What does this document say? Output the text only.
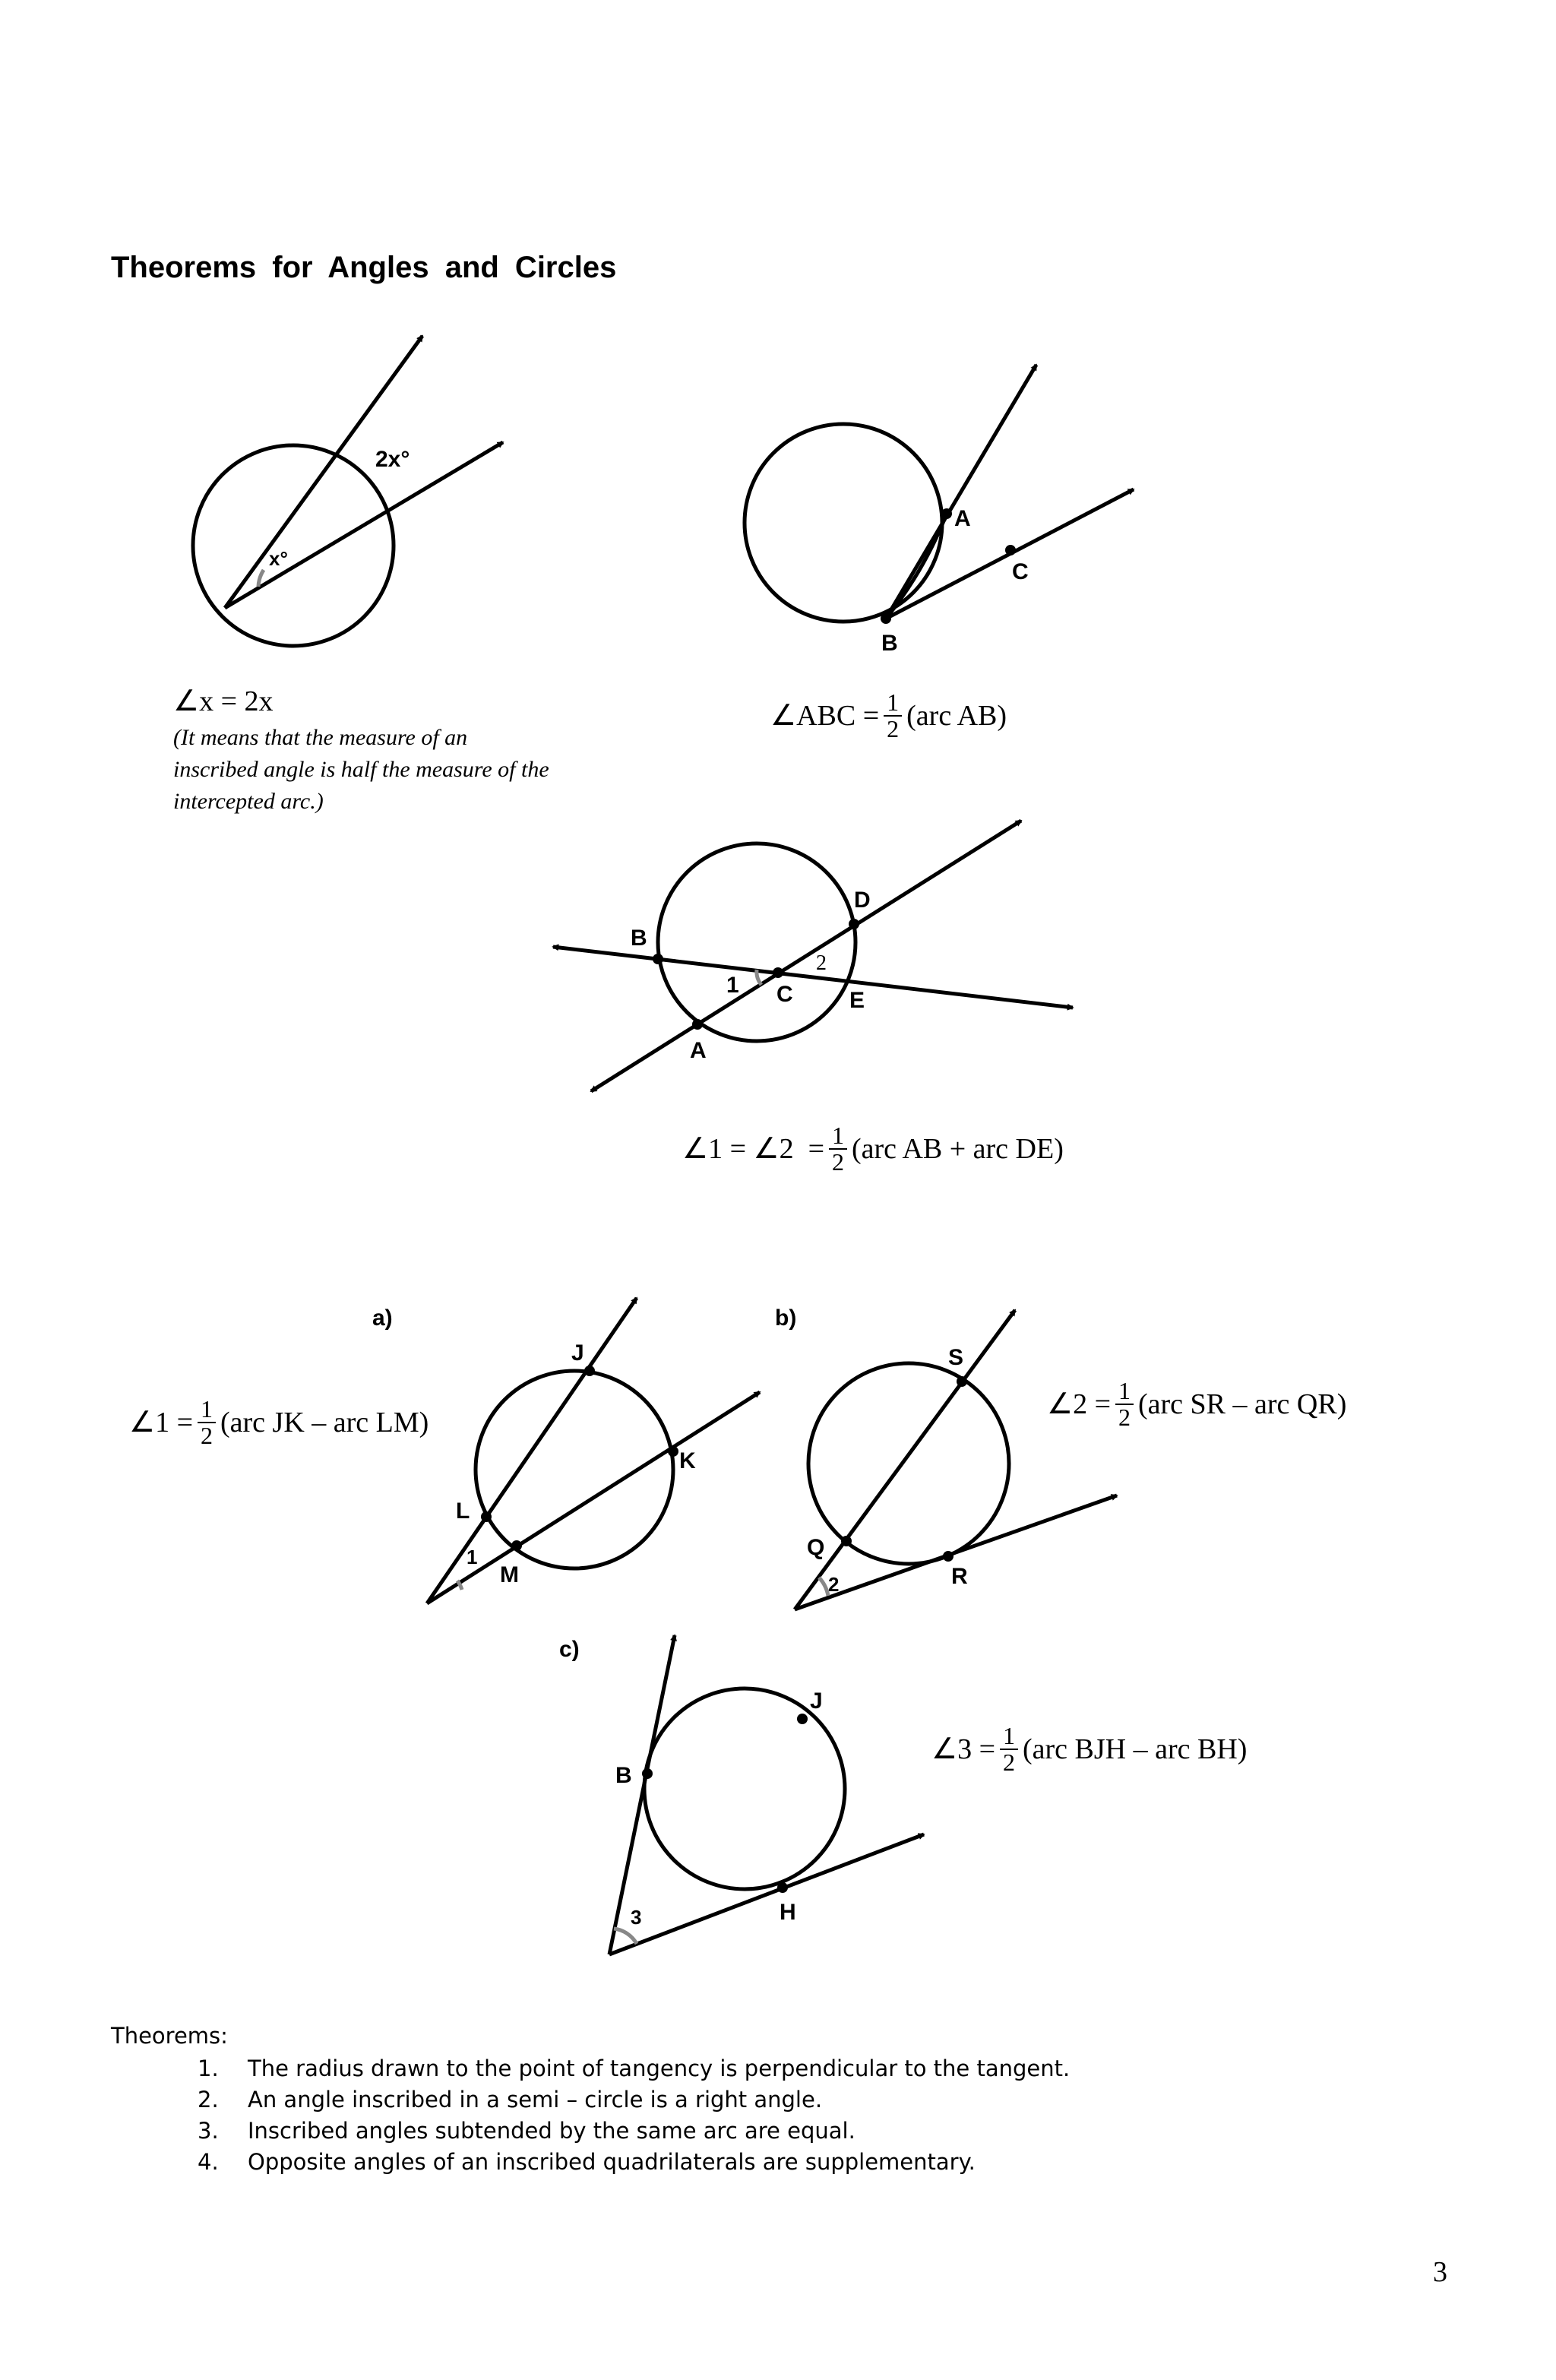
Theorems for Angles and Circles
2x°
x°
A
B
C
∠x = 2x
(It means that the measure of an
inscribed angle is half the measure of the
intercepted arc.)
∠ABC = $\frac{1}{2} (arc$ AB)
A
B
C
D
E
1
2
∠1 = ∠2  = $\frac{1}{2} (arc$ AB + arc DE)
a)
J
K
L
M
1
∠1 = $\frac{1}{2} (arc$ JK – arc LM)
b)
S
Q
R
2
∠2 = $\frac{1}{2} (arc$ SR – arc QR)
c)
J
B
H
3
∠3 = $\frac{1}{2} (arc$ BJH – arc BH)
Theorems:
1. The radius drawn to the point of tangency is perpendicular to the tangent.
2. An angle inscribed in a semi – circle is a right angle.
3. Inscribed angles subtended by the same arc are equal.
4. Opposite angles of an inscribed quadrilaterals are supplementary.
3
